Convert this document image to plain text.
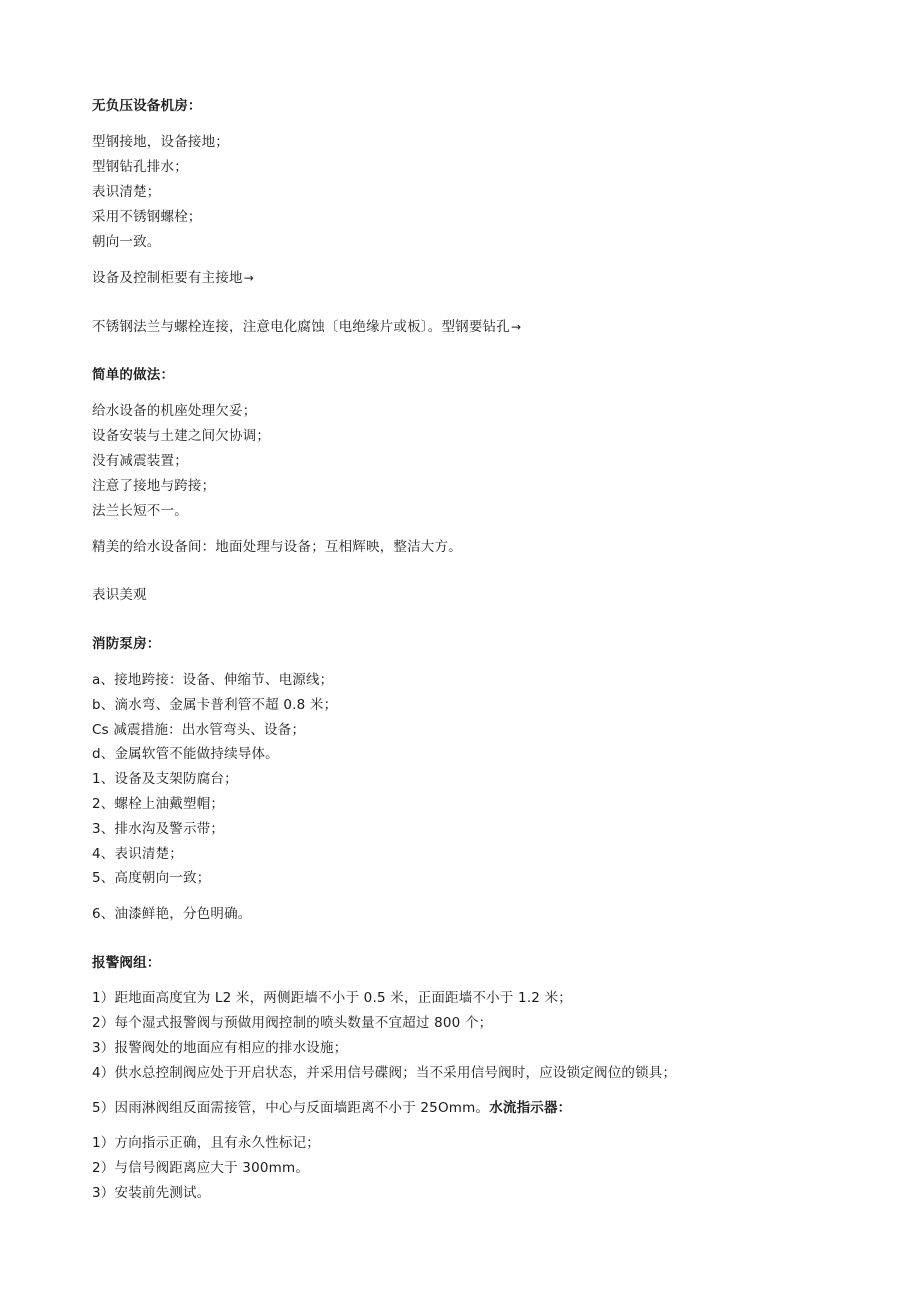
无负压设备机房：
型钢接地，设备接地；
型钢钻孔排水；
表识清楚；
采用不锈钢螺栓；
朝向一致。
设备及控制柜要有主接地→
不锈钢法兰与螺栓连接，注意电化腐蚀〔电绝缘片或板〕。型钢要钻孔→
简单的做法：
给水设备的机座处理欠妥；
设备安装与土建之间欠协调；
没有减震装置；
注意了接地与跨接；
法兰长短不一。
精美的给水设备间：地面处理与设备；互相辉映，整洁大方。
表识美观
消防泵房：
a、接地跨接：设备、伸缩节、电源线；
b、滴水弯、金属卡普利管不超 0.8 米；
Cs 减震措施：出水管弯头、设备；
d、金属软管不能做持续导体。
1、设备及支架防腐台；
2、螺栓上油戴塑帽；
3、排水沟及警示带；
4、表识清楚；
5、高度朝向一致；
6、油漆鲜艳，分色明确。
报警阀组：
1）距地面高度宜为 L2 米，两侧距墙不小于 0.5 米，正面距墙不小于 1.2 米；
2）每个湿式报警阀与预做用阀控制的喷头数量不宜超过 800 个；
3）报警阀处的地面应有相应的排水设施；
4）供水总控制阀应处于开启状态，并采用信号碟阀；当不采用信号阀时，应设锁定阀位的锁具；
5）因雨淋阀组反面需接管，中心与反面墙距离不小于 25Omm。水流指示器：
1）方向指示正确，且有永久性标记；
2）与信号阀距离应大于 300mm。
3）安装前先测试。
